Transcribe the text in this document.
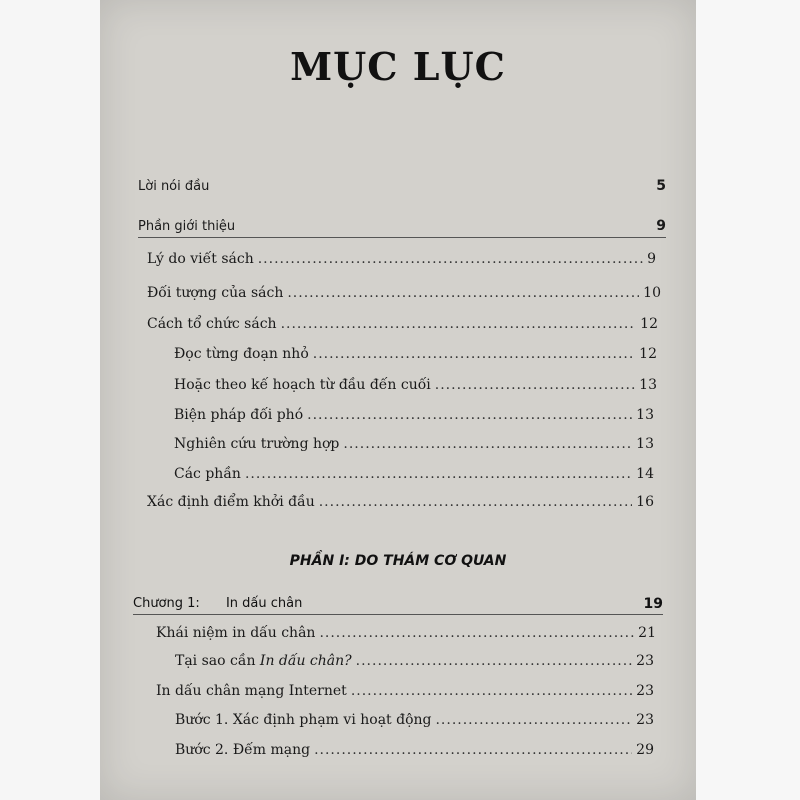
MỤC LỤC
Lời nói đầu	5
Phần giới thiệu	9
Lý do viết sách .....	9
Đối tượng của sách .....	10
Cách tổ chức sách .....	12
Đọc từng đoạn nhỏ .....	12
Hoặc theo kế hoạch từ đầu đến cuối .....	13
Biện pháp đối phó .....	13
Nghiên cứu trường hợp .....	13
Các phần .....	14
Xác định điểm khởi đầu .....	16
PHẦN I: DO THÁM CƠ QUAN
Chương 1: In dấu chân	19
Khái niệm in dấu chân .....	21
Tại sao cần In dấu chân? .....	23
In dấu chân mạng Internet .....	23
Bước 1. Xác định phạm vi hoạt động .....	23
Bước 2. Đếm mạng .....	29
